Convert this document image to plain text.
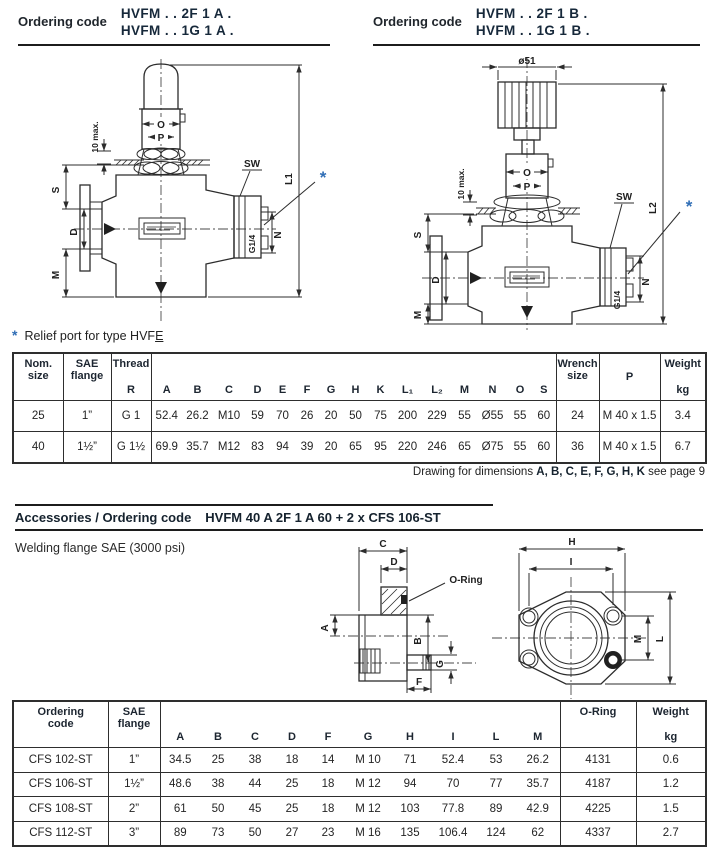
Ordering code
HVFM . . 2F 1 A .
HVFM . . 1G 1 A .
Ordering code
HVFM . . 2F 1 B .
HVFM . . 1G 1 B .
10 max.	O
P
S
D
M
SW
N
G1/4
L1 *
ø51
10 max.	O
P
S
D
M
SW
N
G1/4
L2 *
* Relief port for type HVFE
Nom.
size	SAE
flange	Thread
R	A	B	C	D	E	F	G	H	K	L₁	L₂	M	N	O	S	Wrench
size	P	Weight
kg

25	1”	G 1	52.4	26.2	M10	59	70	26	20	50	75	200	229	55	Ø55	55	60	24	M 40 x 1.5	3.4
40	1½”	G 1½	69.9	35.7	M12	83	94	39	20	65	95	220	246	65	Ø75	55	60	36	M 40 x 1.5	6.7
Drawing for dimensions A, B, C, E, F, G, H, K see page 9
Accessories / Ordering code HVFM 40 A 2F 1 A 60 + 2 x CFS 106-ST
Welding flange SAE (3000 psi)	C
D
O-Ring
A
B
G
F
H
I
M L
Ordering
code	SAE
flange	A	B	C	D	F	G	H	I	L	M	O-Ring	Weight
kg

CFS 102-ST	1”	34.5	25	38	18	14	M 10	71	52.4	53	26.2	4131	0.6
CFS 106-ST	1½”	48.6	38	44	25	18	M 12	94	70	77	35.7	4187	1.2
CFS 108-ST	2”	61	50	45	25	18	M 12	103	77.8	89	42.9	4225	1.5
CFS 112-ST	3”	89	73	50	27	23	M 16	135	106.4	124	62	4337	2.7
